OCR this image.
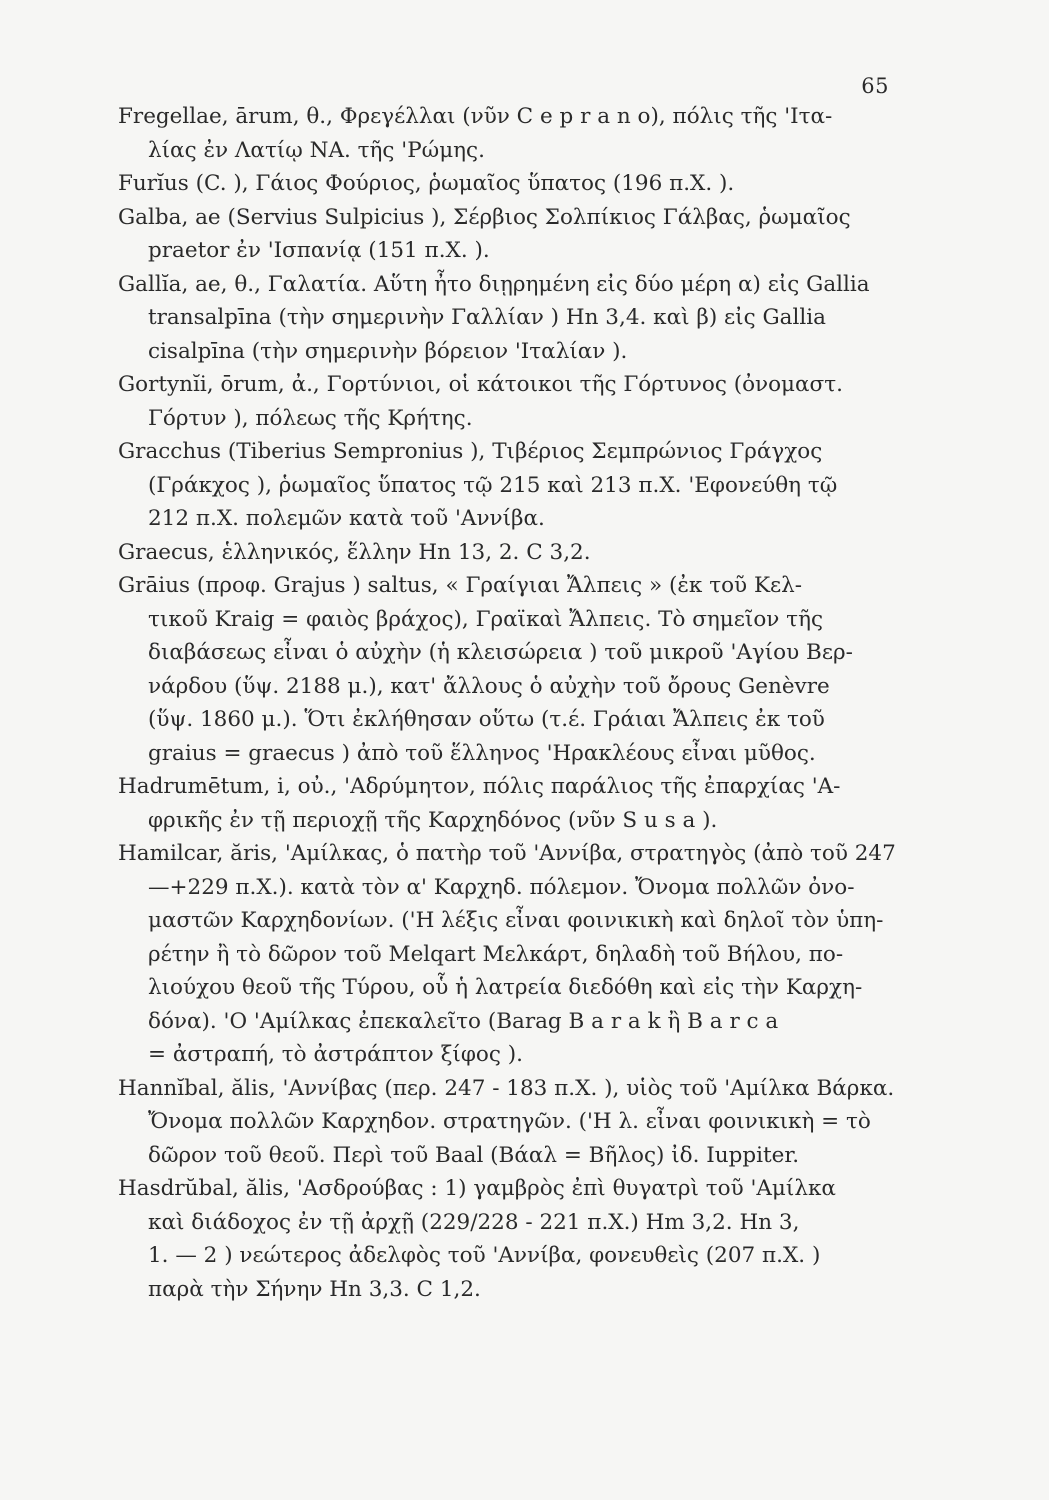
65
Fregellae, ārum, θ., Φρεγέλλαι (νῦν C e p r a n o), πόλις τῆς 'Ιτα-
λίας ἐν Λατίῳ ΝΑ. τῆς 'Ρώμης.
Furĭus (C. ), Γάιος Φούριος, ῥωμαῖος ὕπατος (196 π.Χ. ).
Galba, ae (Servius Sulpicius ), Σέρβιος Σολπίκιος Γάλβας, ῥωμαῖος
praetor ἐν 'Ισπανίᾳ (151 π.Χ. ).
Gallĭa, ae, θ., Γαλατία. Αὕτη ἦτο διῃρημένη εἰς δύο μέρη α) εἰς Gallia
transalpīna (τὴν σημερινὴν Γαλλίαν ) Hn 3,4. καὶ β) εἰς Gallia
cisalpīna (τὴν σημερινὴν βόρειον 'Ιταλίαν ).
Gortynĭi, ōrum, ἀ., Γορτύνιοι, οἱ κάτοικοι τῆς Γόρτυνος (ὀνομαστ.
Γόρτυν ), πόλεως τῆς Κρήτης.
Gracchus (Tiberius Sempronius ), Τιβέριος Σεμπρώνιος Γράγχος
(Γράκχος ), ῥωμαῖος ὕπατος τῷ 215 καὶ 213 π.Χ. 'Εφονεύθη τῷ
212 π.Χ. πολεμῶν κατὰ τοῦ 'Αννίβα.
Graecus, ἑλληνικός, ἕλλην Hn 13, 2. C 3,2.
Grāius (προφ. Grajus ) saltus, « Γραίγιαι Ἄλπεις » (ἐκ τοῦ Κελ-
τικοῦ Kraig = φαιὸς βράχος), Γραϊκαὶ Ἄλπεις. Τὸ σημεῖον τῆς
διαβάσεως εἶναι ὁ αὐχὴν (ἡ κλεισώρεια ) τοῦ μικροῦ 'Αγίου Βερ-
νάρδου (ὕψ. 2188 μ.), κατ' ἄλλους ὁ αὐχὴν τοῦ ὄρους Genèvre
(ὕψ. 1860 μ.). Ὅτι ἐκλήθησαν οὕτω (τ.έ. Γράιαι Ἄλπεις ἐκ τοῦ
graius = graecus ) ἀπὸ τοῦ ἕλληνος 'Ηρακλέους εἶναι μῦθος.
Hadrumētum, i, οὐ., 'Αδρύμητον, πόλις παράλιος τῆς ἐπαρχίας 'Α-
φρικῆς ἐν τῇ περιοχῇ τῆς Καρχηδόνος (νῦν S u s a ).
Hamilcar, ăris, 'Αμίλκας, ὁ πατὴρ τοῦ 'Αννίβα, στρατηγὸς (ἀπὸ τοῦ 247
—+229 π.Χ.). κατὰ τὸν α' Καρχηδ. πόλεμον. Ὄνομα πολλῶν ὀνο-
μαστῶν Καρχηδονίων. ('Η λέξις εἶναι φοινικικὴ καὶ δηλοῖ τὸν ὑπη-
ρέτην ἢ τὸ δῶρον τοῦ Melqart Μελκάρτ, δηλαδὴ τοῦ Βήλου, πο-
λιούχου θεοῦ τῆς Τύρου, οὗ ἡ λατρεία διεδόθη καὶ εἰς τὴν Καρχη-
δόνα). 'Ο 'Αμίλκας ἐπεκαλεῖτο (Barag B a r a k ἢ B a r c a
= ἀστραπή, τὸ ἀστράπτον ξίφος ).
Hannĭbal, ălis, 'Αννίβας (περ. 247 - 183 π.Χ. ), υἱὸς τοῦ 'Αμίλκα Βάρκα.
Ὄνομα πολλῶν Καρχηδον. στρατηγῶν. ('Η λ. εἶναι φοινικικὴ = τὸ
δῶρον τοῦ θεοῦ. Περὶ τοῦ Baal (Βάαλ = Βῆλος) ἰδ. Iuppiter.
Hasdrŭbal, ălis, 'Ασδρούβας : 1) γαμβρὸς ἐπὶ θυγατρὶ τοῦ 'Αμίλκα
καὶ διάδοχος ἐν τῇ ἀρχῇ (229/228 - 221 π.Χ.) Hm 3,2. Hn 3,
1. — 2 ) νεώτερος ἀδελφὸς τοῦ 'Αννίβα, φονευθεὶς (207 π.Χ. )
παρὰ τὴν Σήνην Hn 3,3. C 1,2.
